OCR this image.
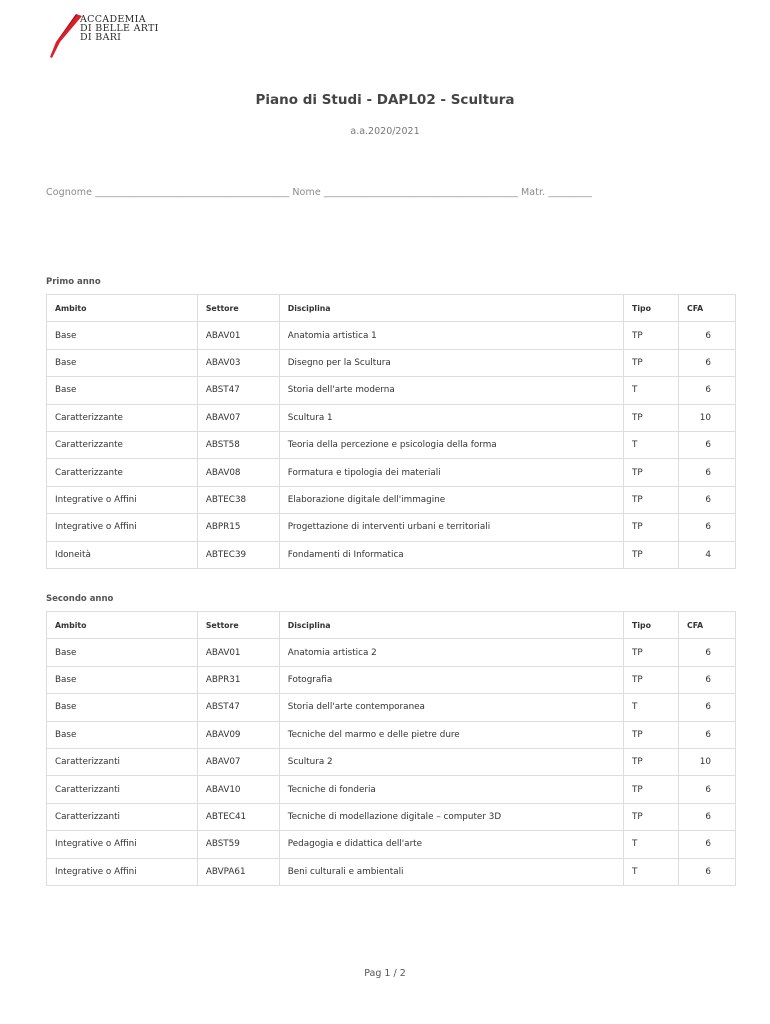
ACCADEMIA
DI BELLE ARTI
DI BARI
Piano di Studi - DAPL02 - Scultura
a.a.2020/2021
Cognome ________________________________________ Nome ________________________________________ Matr. _________
Primo anno
Ambito	Settore	Disciplina	Tipo	CFA
Base	ABAV01	Anatomia artistica 1	TP	6
Base	ABAV03	Disegno per la Scultura	TP	6
Base	ABST47	Storia dell'arte moderna	T	6
Caratterizzante	ABAV07	Scultura 1	TP	10
Caratterizzante	ABST58	Teoria della percezione e psicologia della forma	T	6
Caratterizzante	ABAV08	Formatura e tipologia dei materiali	TP	6
Integrative o Affini	ABTEC38	Elaborazione digitale dell'immagine	TP	6
Integrative o Affini	ABPR15	Progettazione di interventi urbani e territoriali	TP	6
Idoneità	ABTEC39	Fondamenti di Informatica	TP	4
Secondo anno
Ambito	Settore	Disciplina	Tipo	CFA
Base	ABAV01	Anatomia artistica 2	TP	6
Base	ABPR31	Fotografia	TP	6
Base	ABST47	Storia dell'arte contemporanea	T	6
Base	ABAV09	Tecniche del marmo e delle pietre dure	TP	6
Caratterizzanti	ABAV07	Scultura 2	TP	10
Caratterizzanti	ABAV10	Tecniche di fonderia	TP	6
Caratterizzanti	ABTEC41	Tecniche di modellazione digitale – computer 3D	TP	6
Integrative o Affini	ABST59	Pedagogia e didattica dell'arte	T	6
Integrative o Affini	ABVPA61	Beni culturali e ambientali	T	6
Pag 1 / 2
